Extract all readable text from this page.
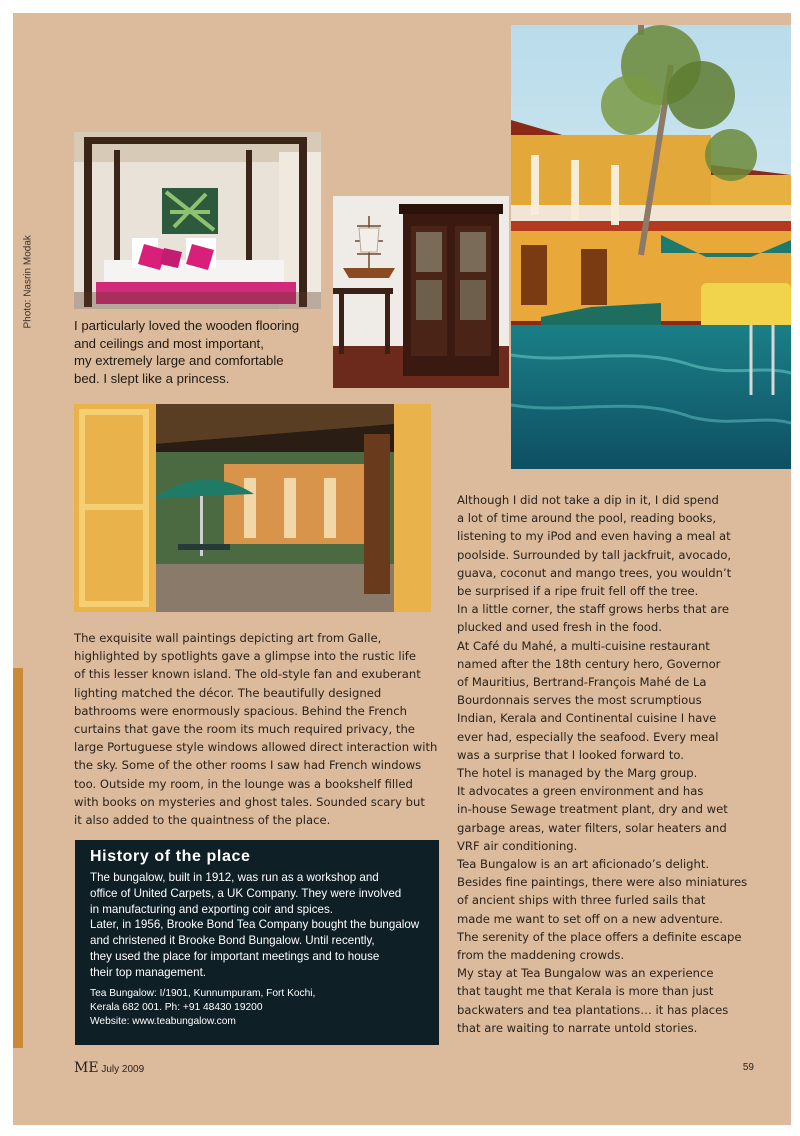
Photo: Nasrin Modak	I particularly loved the wooden flooring
and ceilings and most important,
my extremely large and comfortable
bed. I slept like a princess.
The exquisite wall paintings depicting art from Galle,
highlighted by spotlights gave a glimpse into the rustic life
of this lesser known island. The old-style fan and exuberant
lighting matched the décor. The beautifully designed
bathrooms were enormously spacious. Behind the French
curtains that gave the room its much required privacy, the
large Portuguese style windows allowed direct interaction with
the sky. Some of the other rooms I saw had French windows
too. Outside my room, in the lounge was a bookshelf filled
with books on mysteries and ghost tales. Sounded scary but
it also added to the quaintness of the place.
History of the place
The bungalow, built in 1912, was run as a workshop and
office of United Carpets, a UK Company. They were involved
in manufacturing and exporting coir and spices.
Later, in 1956, Brooke Bond Tea Company bought the bungalow
and christened it Brooke Bond Bungalow. Until recently,
they used the place for important meetings and to house
their top management.
Tea Bungalow: I/1901, Kunnumpuram, Fort Kochi,
Kerala 682 001. Ph: +91 48430 19200
Website: www.teabungalow.com
Although I did not take a dip in it, I did spend
a lot of time around the pool, reading books,
listening to my iPod and even having a meal at
poolside. Surrounded by tall jackfruit, avocado,
guava, coconut and mango trees, you wouldn’t
be surprised if a ripe fruit fell off the tree.
In a little corner, the staff grows herbs that are
plucked and used fresh in the food.
At Café du Mahé, a multi-cuisine restaurant
named after the 18th century hero, Governor
of Mauritius, Bertrand-François Mahé de La
Bourdonnais serves the most scrumptious
Indian, Kerala and Continental cuisine I have
ever had, especially the seafood. Every meal
was a surprise that I looked forward to.
The hotel is managed by the Marg group.
It advocates a green environment and has
in-house Sewage treatment plant, dry and wet
garbage areas, water filters, solar heaters and
VRF air conditioning.
Tea Bungalow is an art aficionado’s delight.
Besides fine paintings, there were also miniatures
of ancient ships with three furled sails that
made me want to set off on a new adventure.
The serenity of the place offers a definite escape
from the maddening crowds.
My stay at Tea Bungalow was an experience
that taught me that Kerala is more than just
backwaters and tea plantations… it has places
that are waiting to narrate untold stories.
ME July 2009	59
